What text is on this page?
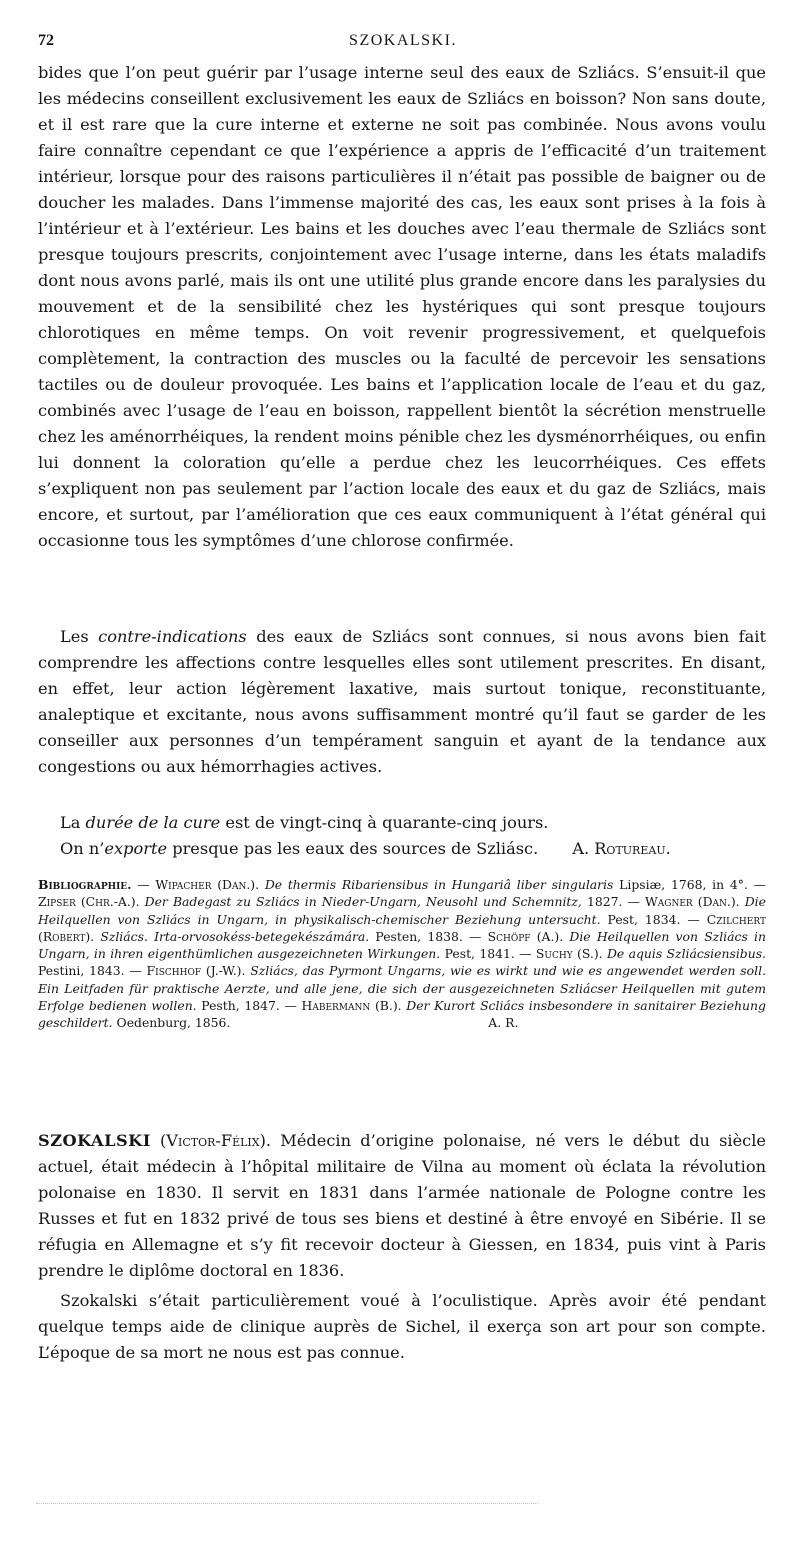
72	SZOKALSKI.

bides que l’on peut guérir par l’usage interne seul des eaux de Szliács. S’ensuit-il que les médecins conseillent exclusivement les eaux de Szliács en boisson? Non sans doute, et il est rare que la cure interne et externe ne soit pas combinée. Nous avons voulu faire connaître cependant ce que l’expérience a appris de l’efficacité d’un traitement intérieur, lorsque pour des raisons particulières il n’était pas possible de baigner ou de doucher les malades. Dans l’immense majorité des cas, les eaux sont prises à la fois à l’intérieur et à l’extérieur. Les bains et les douches avec l’eau thermale de Szliács sont presque toujours prescrits, conjointement avec l’usage interne, dans les états maladifs dont nous avons parlé, mais ils ont une utilité plus grande encore dans les paralysies du mouvement et de la sensibilité chez les hystériques qui sont presque toujours chlorotiques en même temps. On voit revenir progressivement, et quelquefois complètement, la contraction des muscles ou la faculté de percevoir les sensations tactiles ou de douleur provoquée. Les bains et l’application locale de l’eau et du gaz, combinés avec l’usage de l’eau en boisson, rappellent bientôt la sécrétion menstruelle chez les aménorrhéiques, la rendent moins pénible chez les dysménorrhéiques, ou enfin lui donnent la coloration qu’elle a perdue chez les leucorrhéiques. Ces effets s’expliquent non pas seulement par l’action locale des eaux et du gaz de Szliács, mais encore, et surtout, par l’amélioration que ces eaux communiquent à l’état général qui occasionne tous les symptômes d’une chlorose confirmée.

Les contre-indications des eaux de Szliács sont connues, si nous avons bien fait comprendre les affections contre lesquelles elles sont utilement prescrites. En disant, en effet, leur action légèrement laxative, mais surtout tonique, reconstituante, analeptique et excitante, nous avons suffisamment montré qu’il faut se garder de les conseiller aux personnes d’un tempérament sanguin et ayant de la tendance aux congestions ou aux hémorrhagies actives.

La durée de la cure est de vingt-cinq à quarante-cinq jours.

On n’exporte presque pas les eaux des sources de Szliásc. A. Rotureau.

Bibliographie. — Wipacher (Dan.). De thermis Ribariensibus in Hungariâ liber singularis Lipsiæ, 1768, in 4°. — Zipser (Chr.-A.). Der Badegast zu Szliács in Nieder-Ungarn, Neusohl und Schemnitz, 1827. — Wagner (Dan.). Die Heilquellen von Szliács in Ungarn, in physikalisch-chemischer Beziehung untersucht. Pest, 1834. — Czilchert (Robert). Szliács. Irta-orvosokéss-betegekészámára. Pesten, 1838. — Schöpf (A.). Die Heilquellen von Szliács in Ungarn, in ihren eigenthümlichen ausgezeichneten Wirkungen. Pest, 1841. — Suchy (S.). De aquis Szliácsiensibus. Pestini, 1843. — Fischhof (J.-W.). Szliács, das Pyrmont Ungarns, wie es wirkt und wie es angewendet werden soll. Ein Leitfaden für praktische Aerzte, und alle jene, die sich der ausgezeichneten Szliácser Heilquellen mit gutem Erfolge bedienen wollen. Pesth, 1847. — Habermann (B.). Der Kurort Scliács insbesondere in sanitairer Beziehung geschildert. Oedenburg, 1856.	A. R.

SZOKALSKI (Victor-Félix). Médecin d’origine polonaise, né vers le début du siècle actuel, était médecin à l’hôpital militaire de Vilna au moment où éclata la révolution polonaise en 1830. Il servit en 1831 dans l’armée nationale de Pologne contre les Russes et fut en 1832 privé de tous ses biens et destiné à être envoyé en Sibérie. Il se réfugia en Allemagne et s’y fit recevoir docteur à Giessen, en 1834, puis vint à Paris prendre le diplôme doctoral en 1836.

Szokalski s’était particulièrement voué à l’oculistique. Après avoir été pendant quelque temps aide de clinique auprès de Sichel, il exerça son art pour son compte. L’époque de sa mort ne nous est pas connue.
